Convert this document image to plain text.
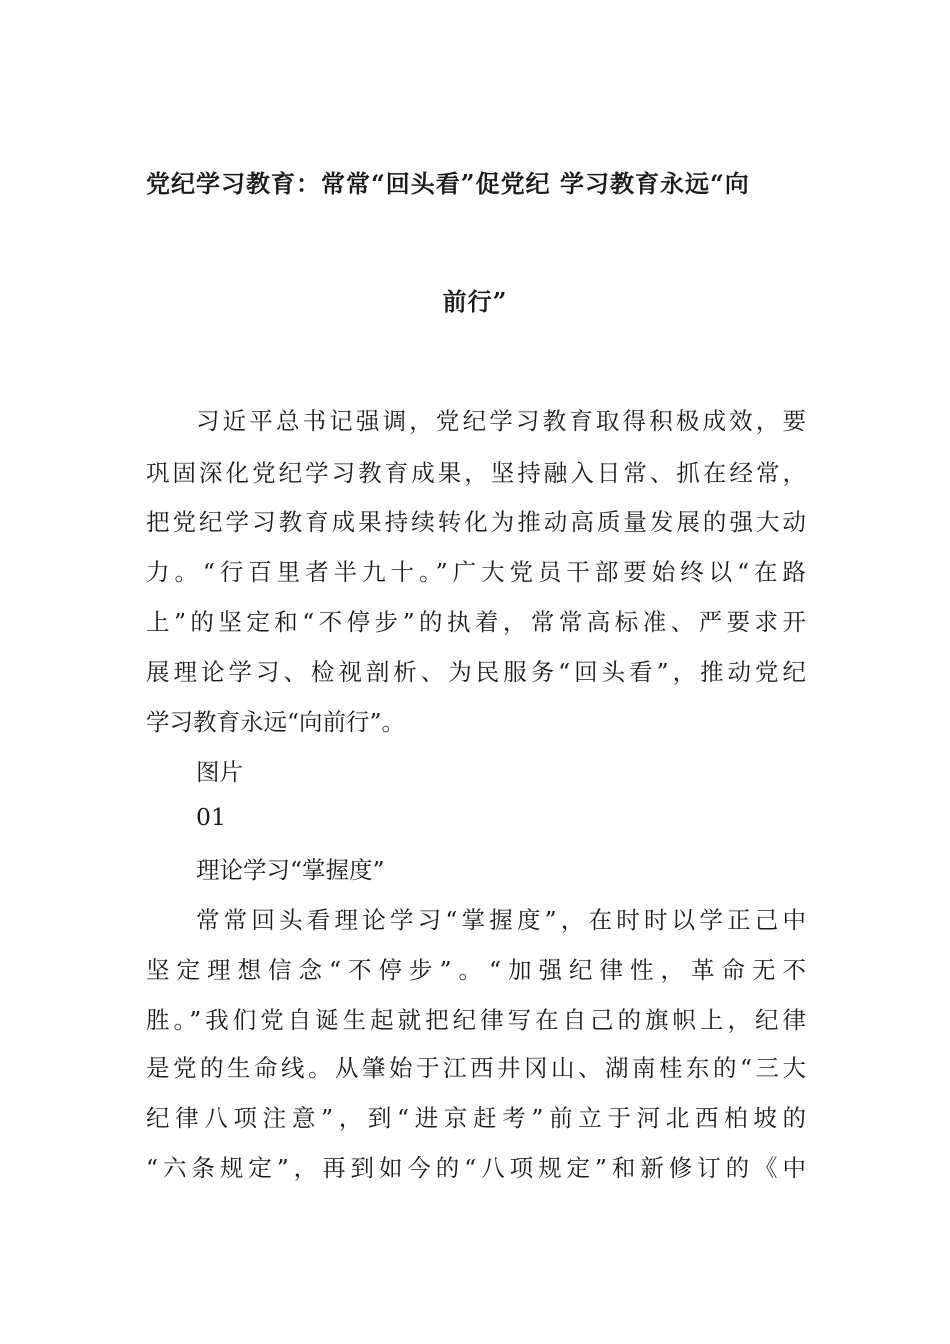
党纪学习教育：常常“回头看”促党纪 学习教育永远“向
前行”
习近平总书记强调，党纪学习教育取得积极成效，要
巩固深化党纪学习教育成果，坚持融入日常、抓在经常，
把党纪学习教育成果持续转化为推动高质量发展的强大动
力。“行百里者半九十。”广大党员干部要始终以“在路
上”的坚定和“不停步”的执着，常常高标准、严要求开
展理论学习、检视剖析、为民服务“回头看”，推动党纪
学习教育永远“向前行”。
图片
01
理论学习“掌握度”
常常回头看理论学习“掌握度”，在时时以学正己中
坚定理想信念“不停步”。“加强纪律性，革命无不
胜。”我们党自诞生起就把纪律写在自己的旗帜上，纪律
是党的生命线。从肇始于江西井冈山、湖南桂东的“三大
纪律八项注意”，到“进京赶考”前立于河北西柏坡的
“六条规定”，再到如今的“八项规定”和新修订的《中
